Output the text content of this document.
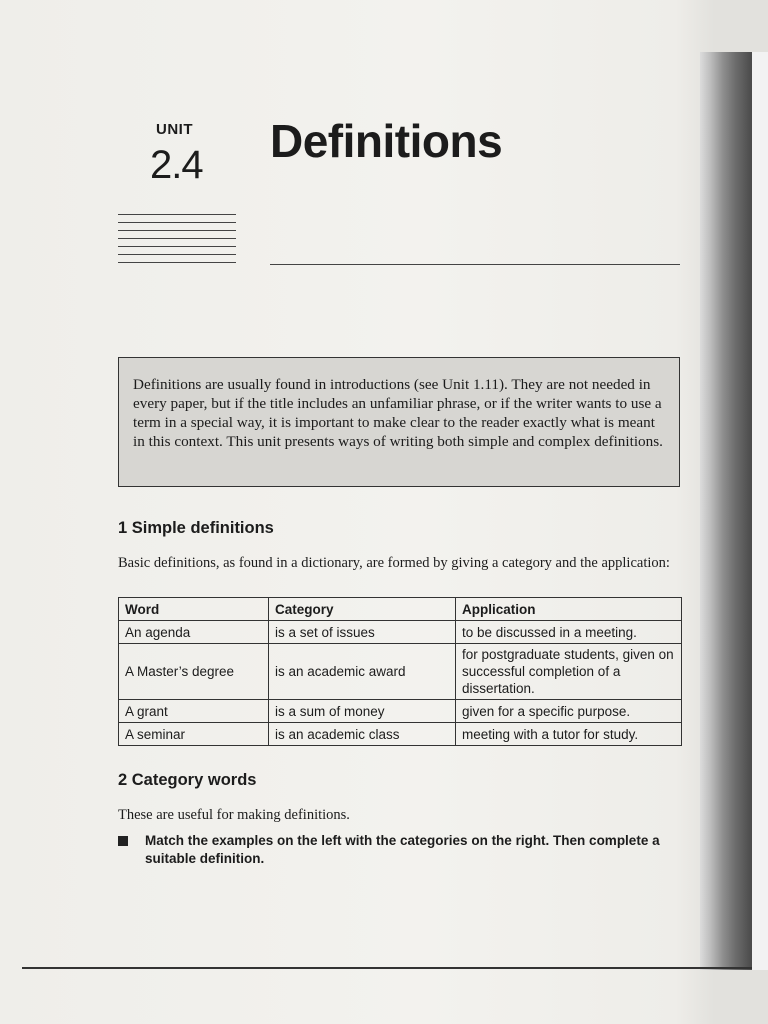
UNIT
2.4 Definitions
Definitions are usually found in introductions (see Unit 1.11). They are not needed in every paper, but if the title includes an unfamiliar phrase, or if the writer wants to use a term in a special way, it is important to make clear to the reader exactly what is meant in this context. This unit presents ways of writing both simple and complex definitions.
1 Simple definitions
Basic definitions, as found in a dictionary, are formed by giving a category and the application:
Word	Category	Application
An agenda	is a set of issues	to be discussed in a meeting.
A Master’s degree	is an academic award	for postgraduate students, given on successful completion of a dissertation.
A grant	is a sum of money	given for a specific purpose.
A seminar	is an academic class	meeting with a tutor for study.
2 Category words
These are useful for making definitions.
Match the examples on the left with the categories on the right. Then complete a suitable definition.
